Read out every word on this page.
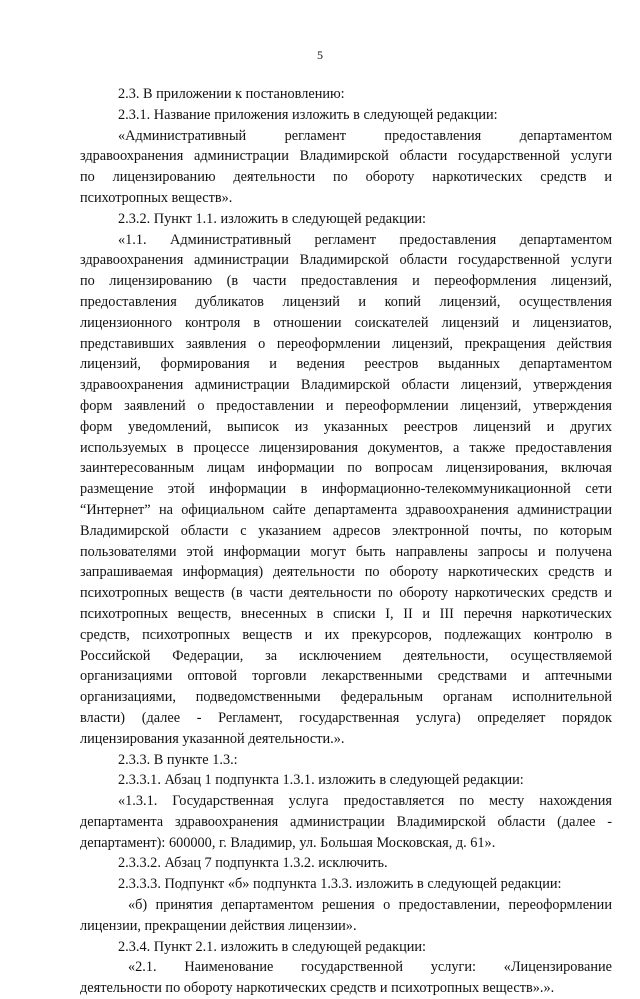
5

2.3. В приложении к постановлению:

2.3.1. Название приложения изложить в следующей редакции:

«Административный регламент предоставления департаментом

здравоохранения администрации Владимирской области государственной услуги

по лицензированию деятельности по обороту наркотических средств и

психотропных веществ».

2.3.2. Пункт 1.1. изложить в следующей редакции:

«1.1. Административный регламент предоставления департаментом

здравоохранения администрации Владимирской области государственной услуги

по лицензированию (в части предоставления и переоформления лицензий,

предоставления дубликатов лицензий и копий лицензий, осуществления

лицензионного контроля в отношении соискателей лицензий и лицензиатов,

представивших заявления о переоформлении лицензий, прекращения действия

лицензий, формирования и ведения реестров выданных департаментом

здравоохранения администрации Владимирской области лицензий, утверждения

форм заявлений о предоставлении и переоформлении лицензий, утверждения

форм уведомлений, выписок из указанных реестров лицензий и других

используемых в процессе лицензирования документов, а также предоставления

заинтересованным лицам информации по вопросам лицензирования, включая

размещение этой информации в информационно-телекоммуникационной сети

“Интернет” на официальном сайте департамента здравоохранения администрации

Владимирской области с указанием адресов электронной почты, по которым

пользователями этой информации могут быть направлены запросы и получена

запрашиваемая информация) деятельности по обороту наркотических средств и

психотропных веществ (в части деятельности по обороту наркотических средств и

психотропных веществ, внесенных в списки I, II и III перечня наркотических

средств, психотропных веществ и их прекурсоров, подлежащих контролю в

Российской Федерации, за исключением деятельности, осуществляемой

организациями оптовой торговли лекарственными средствами и аптечными

организациями, подведомственными федеральным органам исполнительной

власти) (далее - Регламент, государственная услуга) определяет порядок

лицензирования указанной деятельности.».

2.3.3. В пункте 1.3.:

2.3.3.1. Абзац 1 подпункта 1.3.1. изложить в следующей редакции:

«1.3.1. Государственная услуга предоставляется по месту нахождения

департамента здравоохранения администрации Владимирской области (далее -

департамент): 600000, г. Владимир, ул. Большая Московская, д. 61».

2.3.3.2. Абзац 7 подпункта 1.3.2. исключить.

2.3.3.3. Подпункт «б» подпункта 1.3.3. изложить в следующей редакции:

«б) принятия департаментом решения о предоставлении, переоформлении

лицензии, прекращении действия лицензии».

2.3.4. Пункт 2.1. изложить в следующей редакции:

«2.1. Наименование государственной услуги: «Лицензирование

деятельности по обороту наркотических средств и психотропных веществ».».
